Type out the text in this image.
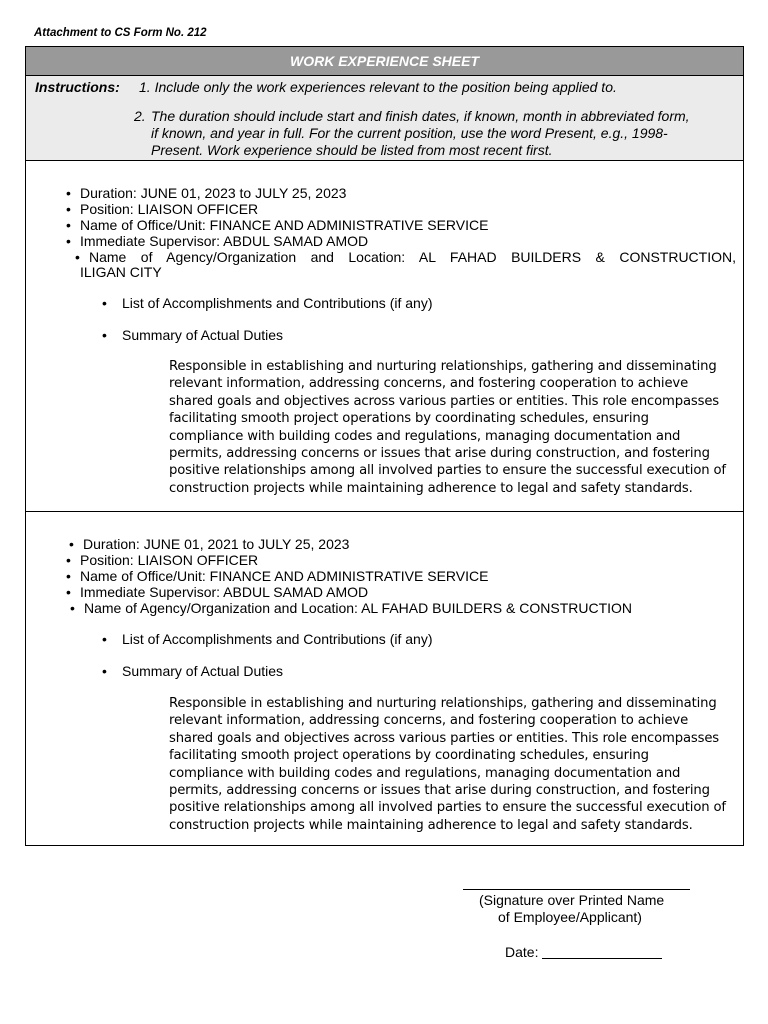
Attachment to CS Form No. 212
WORK EXPERIENCE SHEET
Instructions: 1. Include only the work experiences relevant to the position being applied to.
2. The duration should include start and finish dates, if known, month in abbreviated form,
if known, and year in full. For the current position, use the word Present, e.g., 1998-
Present. Work experience should be listed from most recent first.
• Duration: JUNE 01, 2023 to JULY 25, 2023
• Position: LIAISON OFFICER
• Name of Office/Unit: FINANCE AND ADMINISTRATIVE SERVICE
• Immediate Supervisor: ABDUL SAMAD AMOD
• Name of Agency/Organization and Location: AL FAHAD BUILDERS & CONSTRUCTION,
ILIGAN CITY
• List of Accomplishments and Contributions (if any)
• Summary of Actual Duties
Responsible in establishing and nurturing relationships, gathering and disseminating
relevant information, addressing concerns, and fostering cooperation to achieve
shared goals and objectives across various parties or entities. This role encompasses
facilitating smooth project operations by coordinating schedules, ensuring
compliance with building codes and regulations, managing documentation and
permits, addressing concerns or issues that arise during construction, and fostering
positive relationships among all involved parties to ensure the successful execution of
construction projects while maintaining adherence to legal and safety standards.
• Duration: JUNE 01, 2021 to JULY 25, 2023
• Position: LIAISON OFFICER
• Name of Office/Unit: FINANCE AND ADMINISTRATIVE SERVICE
• Immediate Supervisor: ABDUL SAMAD AMOD
• Name of Agency/Organization and Location: AL FAHAD BUILDERS & CONSTRUCTION
• List of Accomplishments and Contributions (if any)
• Summary of Actual Duties
Responsible in establishing and nurturing relationships, gathering and disseminating
relevant information, addressing concerns, and fostering cooperation to achieve
shared goals and objectives across various parties or entities. This role encompasses
facilitating smooth project operations by coordinating schedules, ensuring
compliance with building codes and regulations, managing documentation and
permits, addressing concerns or issues that arise during construction, and fostering
positive relationships among all involved parties to ensure the successful execution of
construction projects while maintaining adherence to legal and safety standards.
(Signature over Printed Name
of Employee/Applicant)
Date:
